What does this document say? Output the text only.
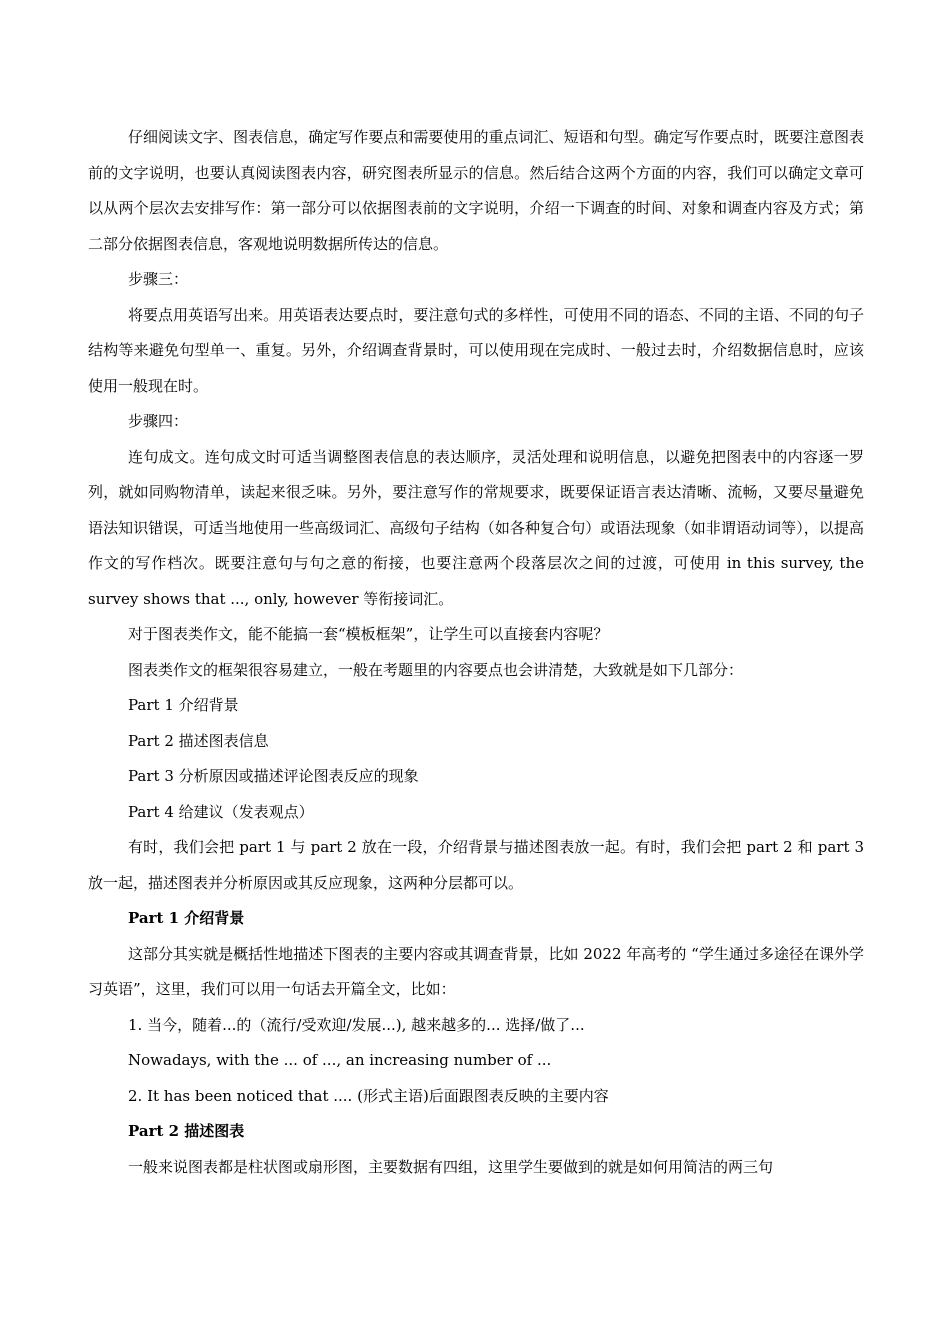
仔细阅读文字、图表信息，确定写作要点和需要使用的重点词汇、短语和句型。确定写作要点时，既要注意图表前的文字说明，也要认真阅读图表内容，研究图表所显示的信息。然后结合这两个方面的内容，我们可以确定文章可以从两个层次去安排写作：第一部分可以依据图表前的文字说明，介绍一下调查的时间、对象和调查内容及方式；第二部分依据图表信息，客观地说明数据所传达的信息。

步骤三：

将要点用英语写出来。用英语表达要点时，要注意句式的多样性，可使用不同的语态、不同的主语、不同的句子结构等来避免句型单一、重复。另外，介绍调查背景时，可以使用现在完成时、一般过去时，介绍数据信息时，应该使用一般现在时。

步骤四：

连句成文。连句成文时可适当调整图表信息的表达顺序，灵活处理和说明信息，以避免把图表中的内容逐一罗列，就如同购物清单，读起来很乏味。另外，要注意写作的常规要求，既要保证语言表达清晰、流畅，又要尽量避免语法知识错误，可适当地使用一些高级词汇、高级句子结构（如各种复合句）或语法现象（如非谓语动词等），以提高作文的写作档次。既要注意句与句之意的衔接，也要注意两个段落层次之间的过渡，可使用 in this survey, the survey shows that ..., only, however 等衔接词汇。

对于图表类作文，能不能搞一套“模板框架”，让学生可以直接套内容呢？

图表类作文的框架很容易建立，一般在考题里的内容要点也会讲清楚，大致就是如下几部分：

Part 1 介绍背景

Part 2 描述图表信息

Part 3 分析原因或描述评论图表反应的现象

Part 4 给建议（发表观点）

有时，我们会把 part 1 与 part 2 放在一段，介绍背景与描述图表放一起。有时，我们会把 part 2 和 part 3 放一起，描述图表并分析原因或其反应现象，这两种分层都可以。

Part 1 介绍背景

这部分其实就是概括性地描述下图表的主要内容或其调查背景，比如 2022 年高考的 “学生通过多途径在课外学习英语”，这里，我们可以用一句话去开篇全文，比如：

1. 当今，随着...的（流行/受欢迎/发展...), 越来越多的... 选择/做了...

Nowadays, with the ... of ..., an increasing number of ...

2. It has been noticed that .... (形式主语)后面跟图表反映的主要内容

Part 2 描述图表

一般来说图表都是柱状图或扇形图，主要数据有四组，这里学生要做到的就是如何用简洁的两三句
